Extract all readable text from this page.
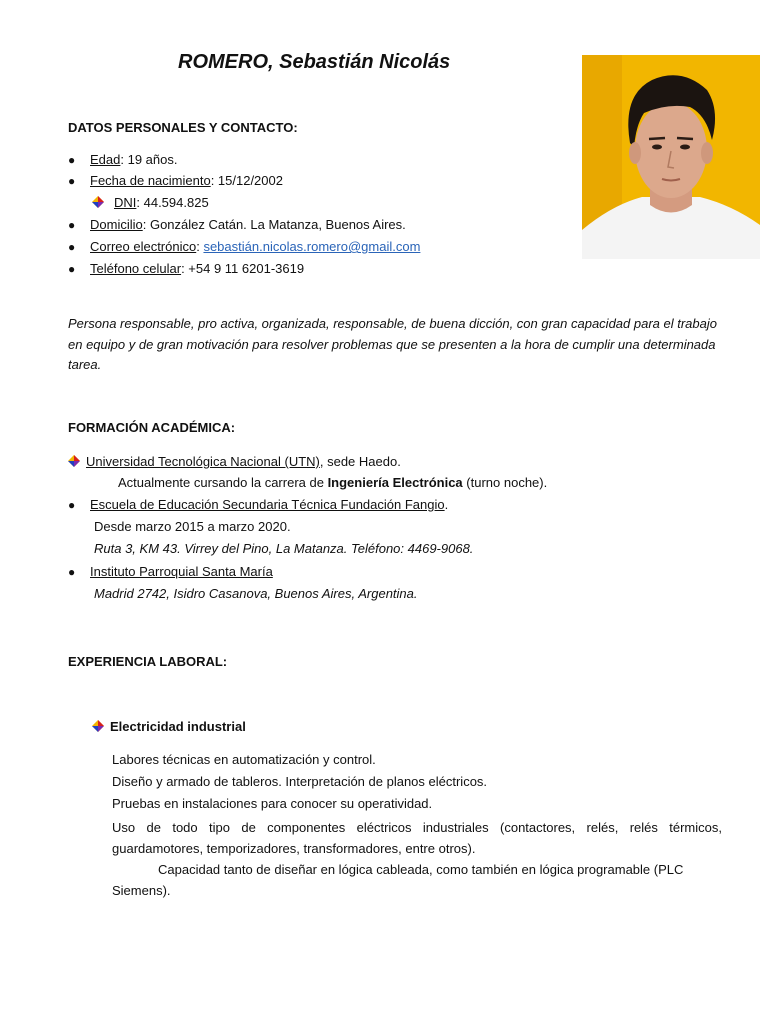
ROMERO, Sebastián Nicolás
DATOS PERSONALES Y CONTACTO:
● Edad: 19 años.
● Fecha de nacimiento: 15/12/2002
DNI: 44.594.825
● Domicilio: González Catán. La Matanza, Buenos Aires.
● Correo electrónico: sebastián.nicolas.romero@gmail.com
● Teléfono celular: +54 9 11 6201-3619
Persona responsable, pro activa, organizada, responsable, de buena dicción, con gran capacidad para el trabajo en equipo y de gran motivación para resolver problemas que se presenten a la hora de cumplir una determinada tarea.
FORMACIÓN ACADÉMICA:
Universidad Tecnológica Nacional (UTN), sede Haedo.
Actualmente cursando la carrera de Ingeniería Electrónica (turno noche).
● Escuela de Educación Secundaria Técnica Fundación Fangio.
Desde marzo 2015 a marzo 2020.
Ruta 3, KM 43. Virrey del Pino, La Matanza. Teléfono: 4469-9068.
● Instituto Parroquial Santa María
Madrid 2742, Isidro Casanova, Buenos Aires, Argentina.
EXPERIENCIA LABORAL:
Electricidad industrial
Labores técnicas en automatización y control.
Diseño y armado de tableros. Interpretación de planos eléctricos.
Pruebas en instalaciones para conocer su operatividad.
Uso de todo tipo de componentes eléctricos industriales (contactores, relés, relés térmicos, guardamotores, temporizadores, transformadores, entre otros).
Capacidad tanto de diseñar en lógica cableada, como también en lógica programable (PLC Siemens).
